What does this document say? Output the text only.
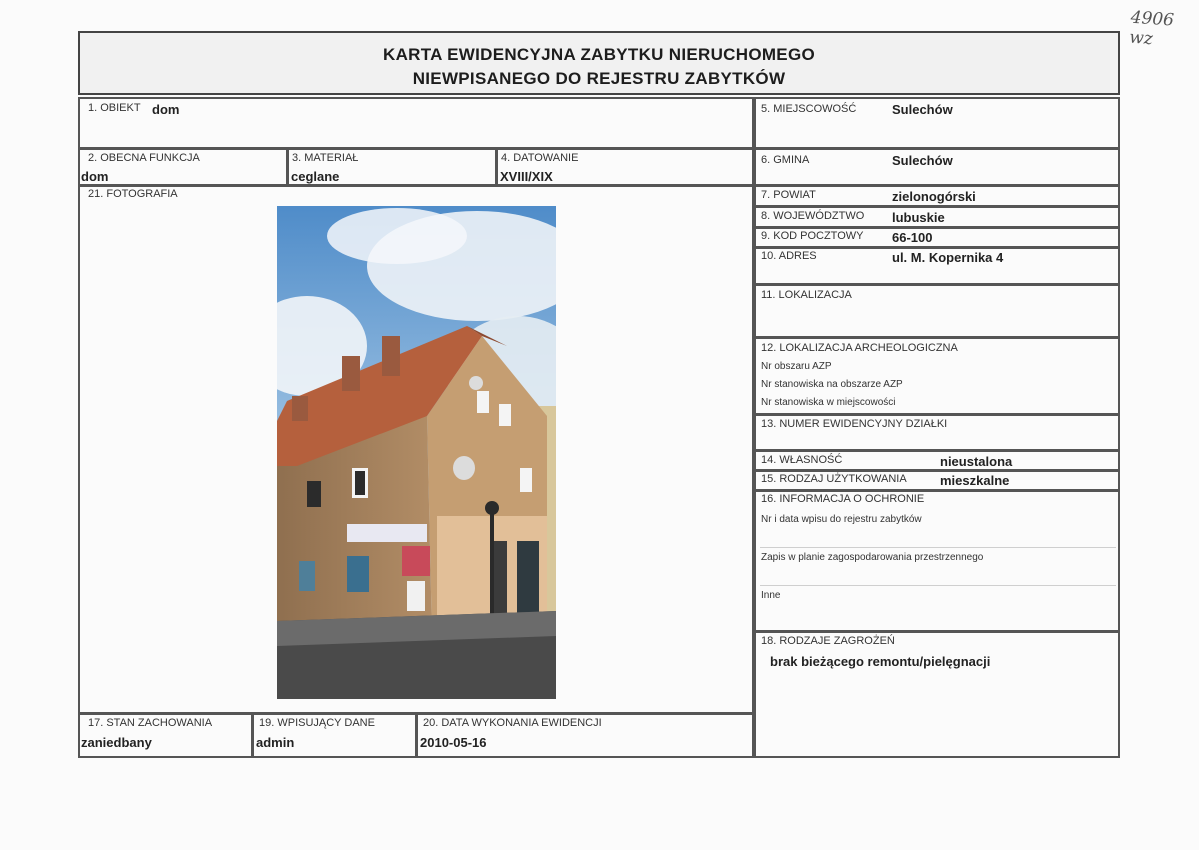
4906 wz
KARTA EWIDENCYJNA ZABYTKU NIERUCHOMEGO
NIEWPISANEGO DO REJESTRU ZABYTKÓW
1. OBIEKT dom
2. OBECNA FUNKCJA
dom
3. MATERIAŁ
ceglane
4. DATOWANIE
XVIII/XIX
21. FOTOGRAFIA
5. MIEJSCOWOŚĆ	Sulechów
6. GMINA	Sulechów
7. POWIAT	zielonogórski
8. WOJEWÓDZTWO lubuskie
9. KOD POCZTOWY 66-100
10. ADRES	ul. M. Kopernika 4
11. LOKALIZACJA
12. LOKALIZACJA ARCHEOLOGICZNA
Nr obszaru AZP
Nr stanowiska na obszarze AZP
Nr stanowiska w miejscowości
13. NUMER EWIDENCYJNY DZIAŁKI
14. WŁASNOŚĆ	nieustalona
15. RODZAJ UŻYTKOWANIA	mieszkalne
16. INFORMACJA O OCHRONIE
Nr i data wpisu do rejestru zabytków
Zapis w planie zagospodarowania przestrzennego
Inne
18. RODZAJE ZAGROŻEŃ
brak bieżącego remontu/pielęgnacji
17. STAN ZACHOWANIA
zaniedbany
19. WPISUJĄCY DANE
admin
20. DATA WYKONANIA EWIDENCJI
2010-05-16
